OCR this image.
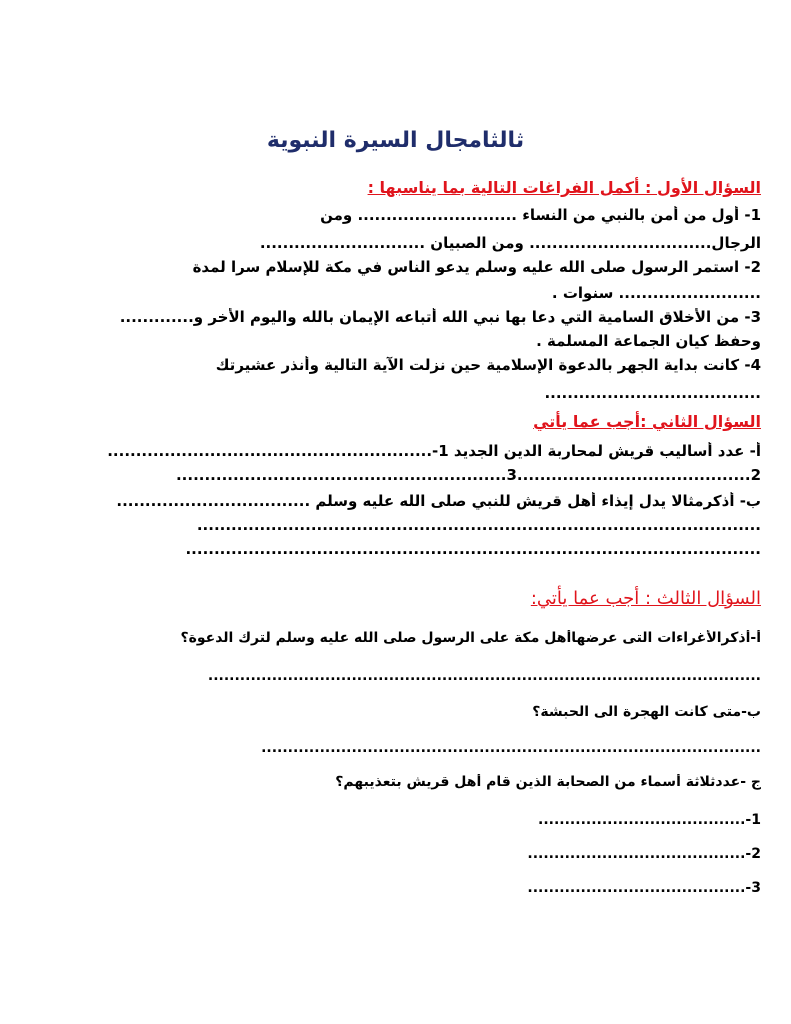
ثالثامجال السيرة النبوية
السؤال الأول : أكمل الفراغات التالية بما يناسبها :
1- أول من أمن بالنبي من النساء ............................ ومن
الرجال................................ ومن الصبيان .............................
2- استمر الرسول صلى الله عليه وسلم يدعو الناس في مكة للإسلام سرا لمدة
......................... سنوات .
3- من الأخلاق السامية التي دعا بها نبي الله أتباعه الإيمان بالله واليوم الأخر و.............
وحفظ كيان الجماعة المسلمة .
4- كانت بداية الجهر بالدعوة الإسلامية حين نزلت الآية التالية وأنذر عشيرتك
......................................
السؤال الثاني :أجب عما يأتي
أ- عدد أساليب قريش لمحاربة الدين الجديد 1-.........................................................
2.........................................3..........................................................
ب- أذكرمثالا يدل إيذاء أهل قريش للنبي صلى الله عليه وسلم ..................................
...................................................................................................
.....................................................................................................
السؤال الثالث : أجب عما يأتي:
أ-أذكرالأغراءات التى عرضهاأهل مكة على الرسول صلى الله عليه وسلم لترك الدعوة؟
........................................................................................................
ب-متى كانت الهجرة الى الحبشة؟
..............................................................................................
ج -عددثلاثة أسماء من الصحابة الذين قام أهل قريش بتعذيبهم؟
1-.......................................
2-.........................................
3-.........................................
